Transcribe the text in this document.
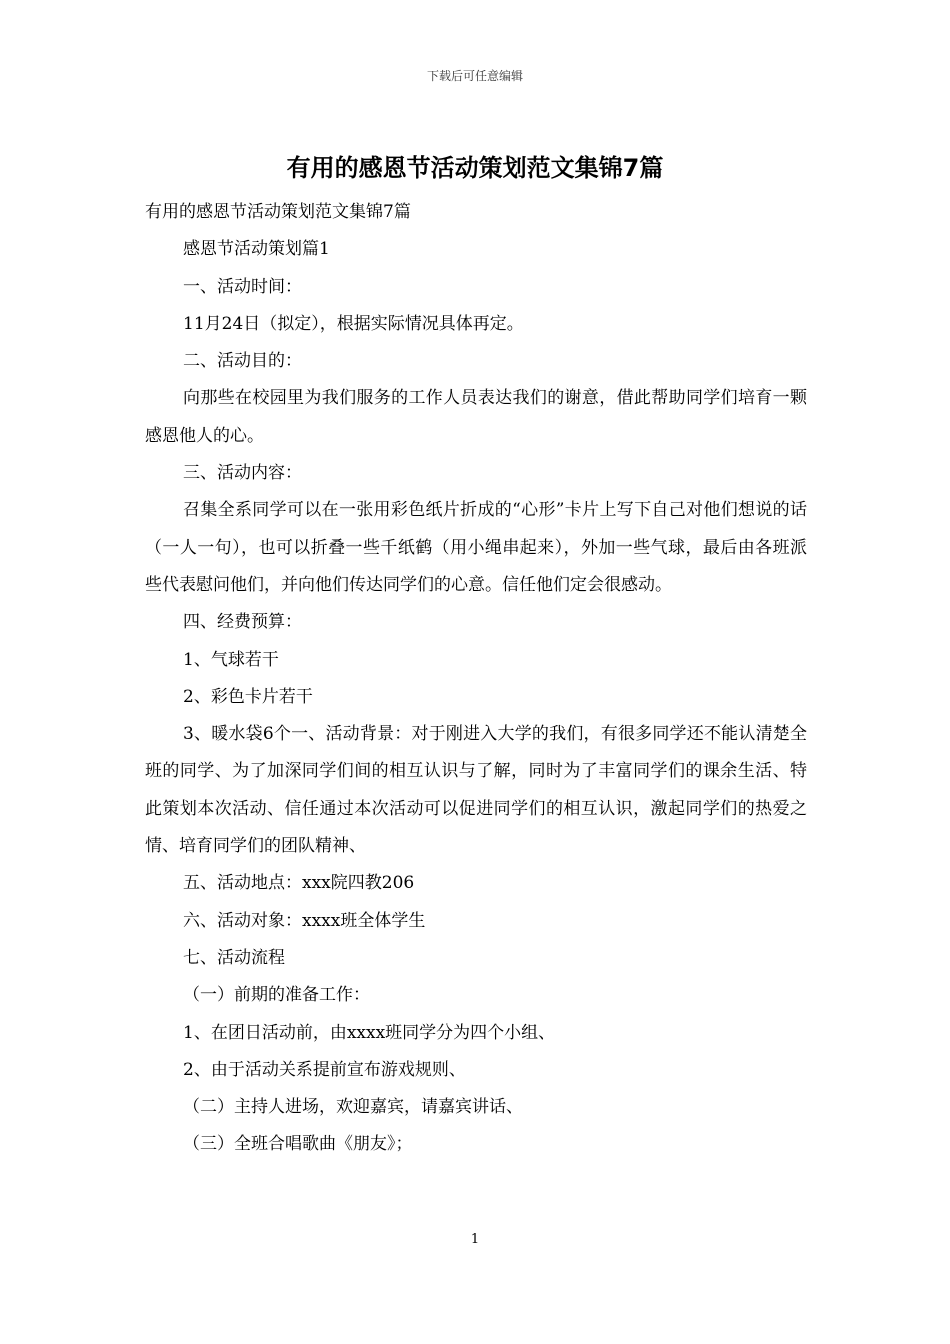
下载后可任意编辑
有用的感恩节活动策划范文集锦7篇

有用的感恩节活动策划范文集锦7篇

感恩节活动策划篇1

一、活动时间：

11月24日（拟定），根据实际情况具体再定。

二、活动目的：

向那些在校园里为我们服务的工作人员表达我们的谢意，借此帮助同学们培育一颗感恩他人的心。

三、活动内容：

召集全系同学可以在一张用彩色纸片折成的“心形”卡片上写下自己对他们想说的话（一人一句），也可以折叠一些千纸鹤（用小绳串起来），外加一些气球，最后由各班派些代表慰问他们，并向他们传达同学们的心意。信任他们定会很感动。

四、经费预算：

1、气球若干

2、彩色卡片若干

3、暖水袋6个一、活动背景：对于刚进入大学的我们，有很多同学还不能认清楚全班的同学、为了加深同学们间的相互认识与了解，同时为了丰富同学们的课余生活、特此策划本次活动、信任通过本次活动可以促进同学们的相互认识，激起同学们的热爱之情、培育同学们的团队精神、

五、活动地点：xxx院四教206

六、活动对象：xxxx班全体学生

七、活动流程

（一）前期的准备工作：

1、在团日活动前，由xxxx班同学分为四个小组、

2、由于活动关系提前宣布游戏规则、

（二）主持人进场，欢迎嘉宾，请嘉宾讲话、

（三）全班合唱歌曲《朋友》；

1
